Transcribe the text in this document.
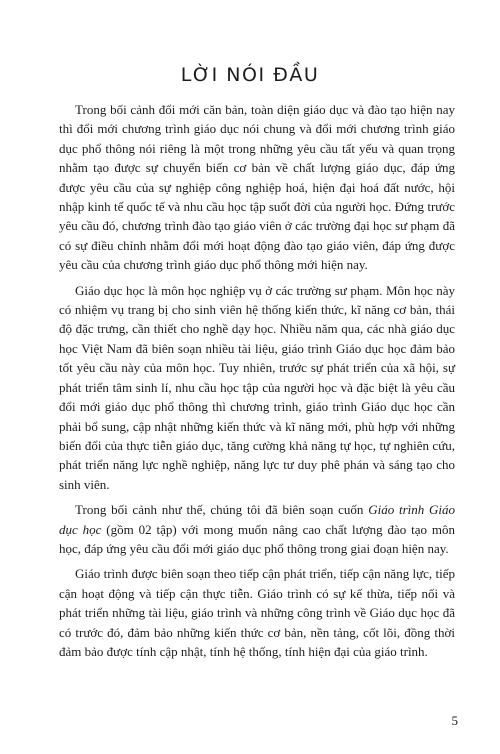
LỜI NÓI ĐẦU

Trong bối cảnh đổi mới căn bản, toàn diện giáo dục và đào tạo hiện nay thì đổi mới chương trình giáo dục nói chung và đổi mới chương trình giáo dục phổ thông nói riêng là một trong những yêu cầu tất yếu và quan trọng nhằm tạo được sự chuyển biến cơ bản về chất lượng giáo dục, đáp ứng được yêu cầu của sự nghiệp công nghiệp hoá, hiện đại hoá đất nước, hội nhập kinh tế quốc tế và nhu cầu học tập suốt đời của người học. Đứng trước yêu cầu đó, chương trình đào tạo giáo viên ở các trường đại học sư phạm đã có sự điều chỉnh nhằm đổi mới hoạt động đào tạo giáo viên, đáp ứng được yêu cầu của chương trình giáo dục phổ thông mới hiện nay.

Giáo dục học là môn học nghiệp vụ ở các trường sư phạm. Môn học này có nhiệm vụ trang bị cho sinh viên hệ thống kiến thức, kĩ năng cơ bản, thái độ đặc trưng, cần thiết cho nghề dạy học. Nhiều năm qua, các nhà giáo dục học Việt Nam đã biên soạn nhiều tài liệu, giáo trình Giáo dục học đảm bảo tốt yêu cầu này của môn học. Tuy nhiên, trước sự phát triển của xã hội, sự phát triển tâm sinh lí, nhu cầu học tập của người học và đặc biệt là yêu cầu đổi mới giáo dục phổ thông thì chương trình, giáo trình Giáo dục học cần phải bổ sung, cập nhật những kiến thức và kĩ năng mới, phù hợp với những biến đổi của thực tiễn giáo dục, tăng cường khả năng tự học, tự nghiên cứu, phát triển năng lực nghề nghiệp, năng lực tư duy phê phán và sáng tạo cho sinh viên.

Trong bối cảnh như thế, chúng tôi đã biên soạn cuốn Giáo trình Giáo dục học (gồm 02 tập) với mong muốn nâng cao chất lượng đào tạo môn học, đáp ứng yêu cầu đổi mới giáo dục phổ thông trong giai đoạn hiện nay.

Giáo trình được biên soạn theo tiếp cận phát triển, tiếp cận năng lực, tiếp cận hoạt động và tiếp cận thực tiễn. Giáo trình có sự kế thừa, tiếp nối và phát triển những tài liệu, giáo trình và những công trình về Giáo dục học đã có trước đó, đảm bảo những kiến thức cơ bản, nền tảng, cốt lõi, đồng thời đảm bảo được tính cập nhật, tính hệ thống, tính hiện đại của giáo trình.

5
